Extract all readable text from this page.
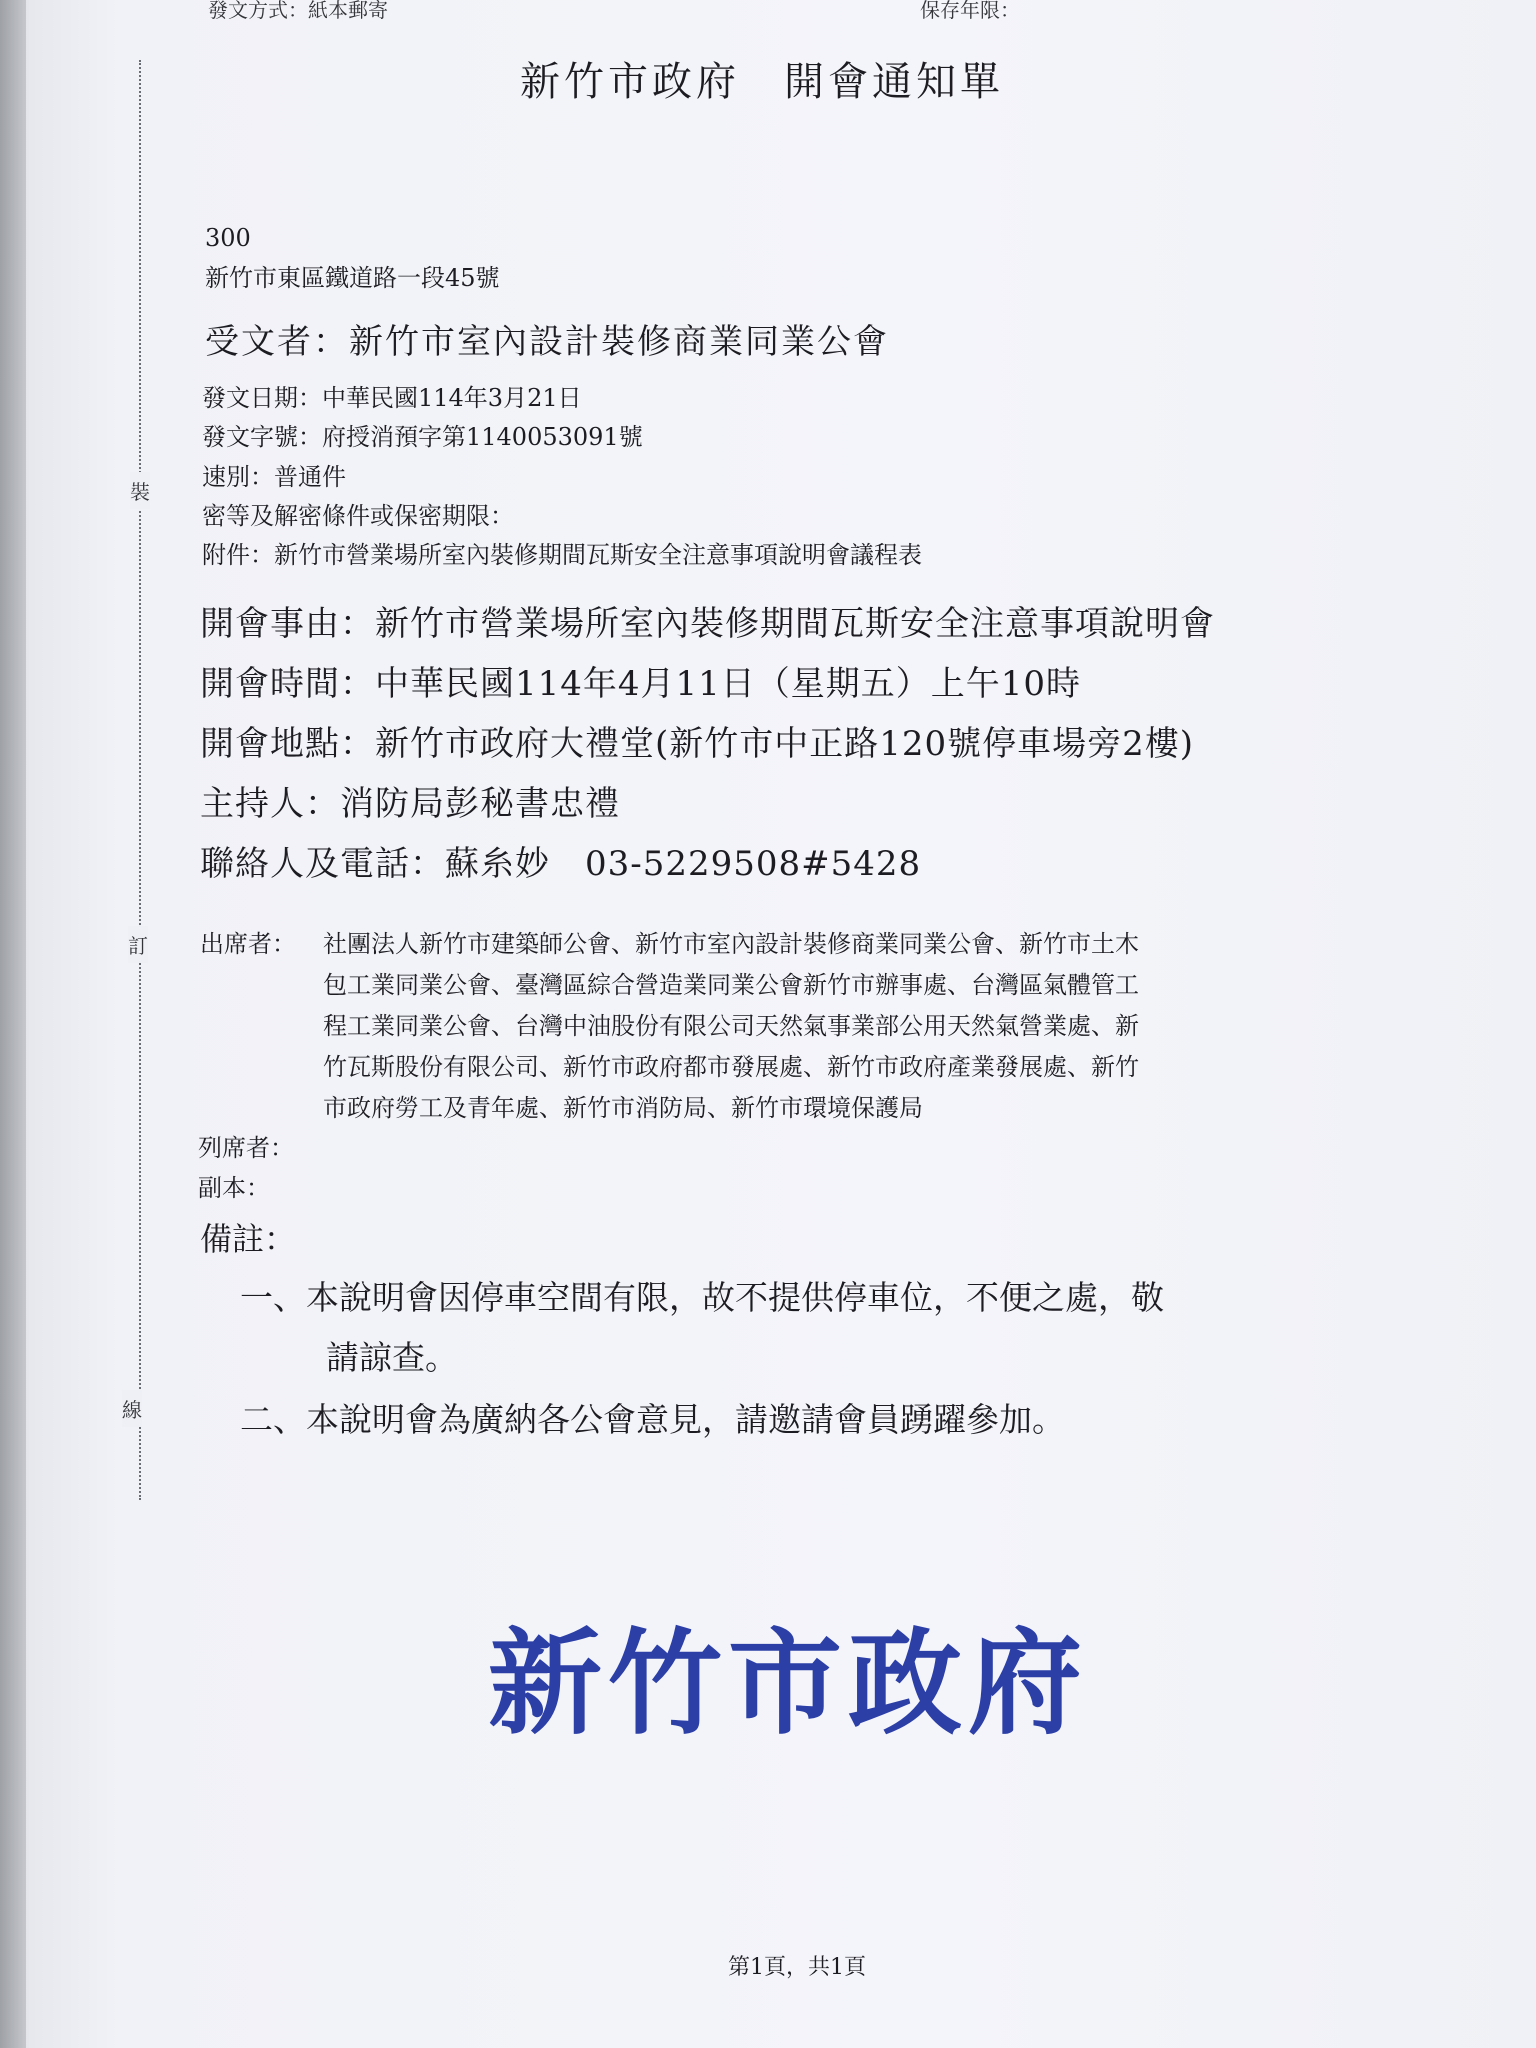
裝
訂
線
發文方式：紙本郵寄	保存年限：
新竹市政府　開會通知單
300
新竹市東區鐵道路一段45號
受文者：新竹市室內設計裝修商業同業公會
發文日期：中華民國114年3月21日
發文字號：府授消預字第1140053091號
速別：普通件
密等及解密條件或保密期限：
附件：新竹市營業場所室內裝修期間瓦斯安全注意事項說明會議程表
開會事由：新竹市營業場所室內裝修期間瓦斯安全注意事項說明會
開會時間：中華民國114年4月11日（星期五）上午10時
開會地點：新竹市政府大禮堂(新竹市中正路120號停車場旁2樓)
主持人：消防局彭秘書忠禮
聯絡人及電話：蘇糸妙　03-5229508#5428
出席者： 社團法人新竹市建築師公會、新竹市室內設計裝修商業同業公會、新竹市土木
包工業同業公會、臺灣區綜合營造業同業公會新竹市辦事處、台灣區氣體管工
程工業同業公會、台灣中油股份有限公司天然氣事業部公用天然氣營業處、新
竹瓦斯股份有限公司、新竹市政府都市發展處、新竹市政府產業發展處、新竹
市政府勞工及青年處、新竹市消防局、新竹市環境保護局
列席者：
副本：
備註：
一、本說明會因停車空間有限，故不提供停車位，不便之處，敬
請諒查。
二、本說明會為廣納各公會意見，請邀請會員踴躍參加。
新竹市政府
第1頁，共1頁
